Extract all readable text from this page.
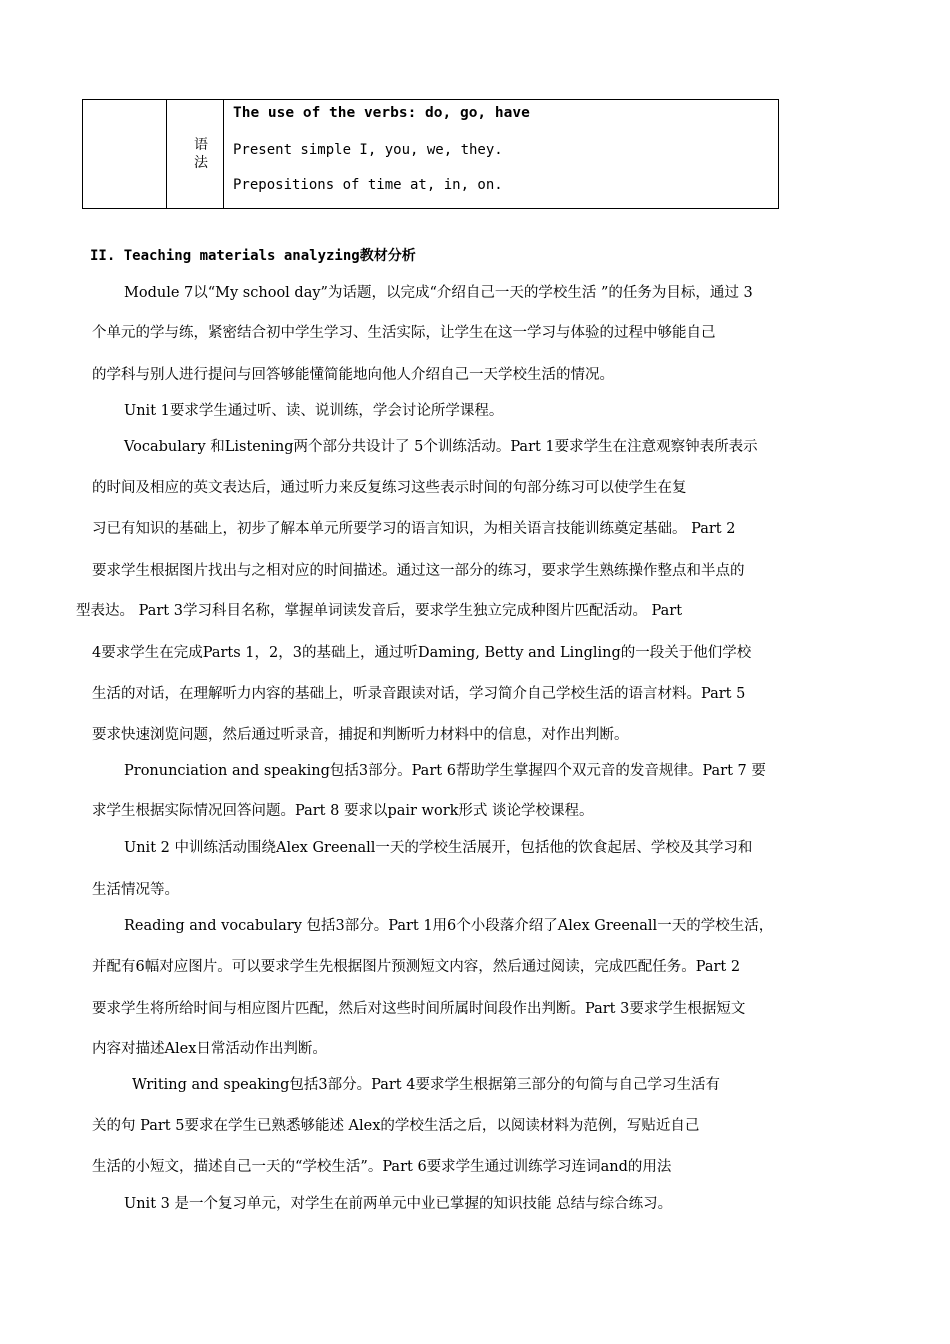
语 法
The use of the verbs: do, go, have
Present simple I, you, we, they.
Prepositions of time at, in, on.
II. Teaching materials analyzing教材分析
Module 7以“My school day”为话题，以完成“介绍自己一天的学校生活 ”的任务为目标，通过 3
个单元的学与练，紧密结合初中学生学习、生活实际，让学生在这一学习与体验的过程中够能自己
的学科与别人进行提问与回答够能懂简能地向他人介绍自己一天学校生活的情况。
Unit 1要求学生通过听、读、说训练，学会讨论所学课程。
Vocabulary 和Listening两个部分共设计了 5个训练活动。Part 1要求学生在注意观察钟表所表示
的时间及相应的英文表达后，通过听力来反复练习这些表示时间的句部分练习可以使学生在复
习已有知识的基础上，初步了解本单元所要学习的语言知识，为相关语言技能训练奠定基础。 Part 2
要求学生根据图片找出与之相对应的时间描述。通过这一部分的练习，要求学生熟练操作整点和半点的
型表达。 Part 3学习科目名称，掌握单词读发音后，要求学生独立完成种图片匹配活动。 Part
4要求学生在完成Parts 1，2，3的基础上，通过听Daming, Betty and Lingling的一段关于他们学校
生活的对话，在理解听力内容的基础上，听录音跟读对话，学习简介自己学校生活的语言材料。Part 5
要求快速浏览问题，然后通过听录音，捕捉和判断听力材料中的信息，对作出判断。
Pronunciation and speaking包括3部分。Part 6帮助学生掌握四个双元音的发音规律。Part 7 要
求学生根据实际情况回答问题。Part 8 要求以pair work形式 谈论学校课程。
Unit 2 中训练活动围绕Alex Greenall一天的学校生活展开，包括他的饮食起居、学校及其学习和
生活情况等。
Reading and vocabulary 包括3部分。Part 1用6个小段落介绍了Alex Greenall一天的学校生活，
并配有6幅对应图片。可以要求学生先根据图片预测短文内容，然后通过阅读，完成匹配任务。Part 2
要求学生将所给时间与相应图片匹配，然后对这些时间所属时间段作出判断。Part 3要求学生根据短文
内容对描述Alex日常活动作出判断。
Writing and speaking包括3部分。Part 4要求学生根据第三部分的句简与自己学习生活有
关的句 Part 5要求在学生已熟悉够能述 Alex的学校生活之后，以阅读材料为范例，写贴近自己
生活的小短文，描述自己一天的“学校生活”。Part 6要求学生通过训练学习连词and的用法
Unit 3 是一个复习单元，对学生在前两单元中业已掌握的知识技能 总结与综合练习。
